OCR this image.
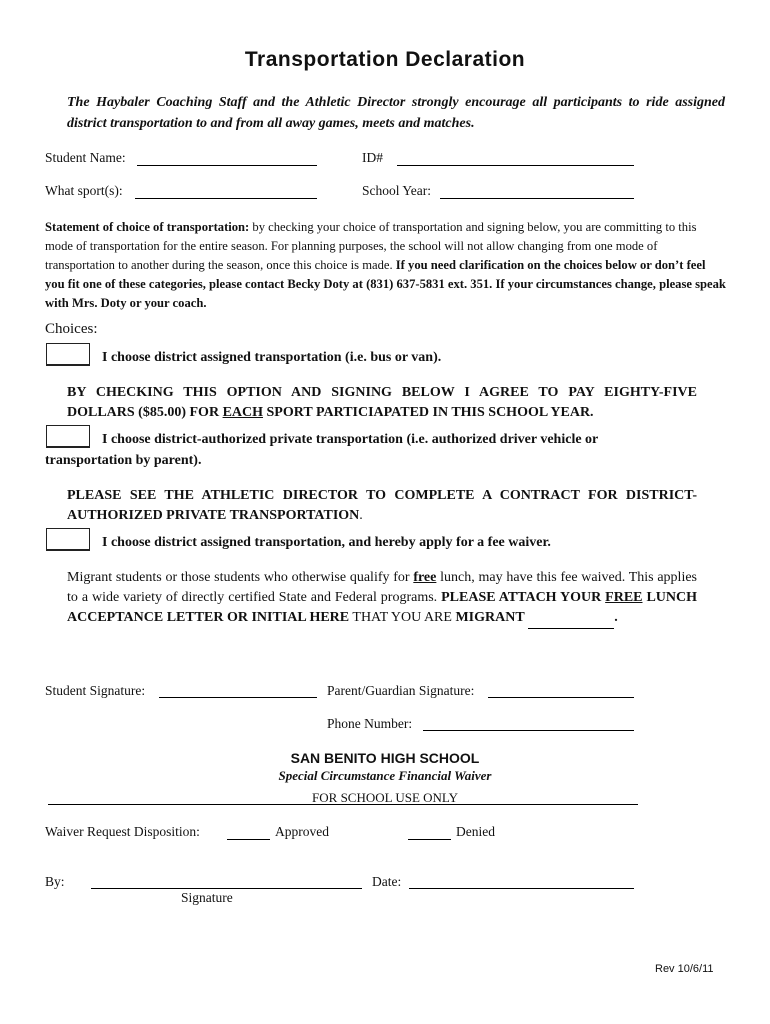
Transportation Declaration
The Haybaler Coaching Staff and the Athletic Director strongly encourage all participants to ride assigned district transportation to and from all away games, meets and matches.
Student Name:	ID#
What sport(s):	School Year:
Statement of choice of transportation: by checking your choice of transportation and signing below, you are committing to this mode of transportation for the entire season. For planning purposes, the school will not allow changing from one mode of transportation to another during the season, once this choice is made. If you need clarification on the choices below or don’t feel you fit one of these categories, please contact Becky Doty at (831) 637-5831 ext. 351. If your circumstances change, please speak with Mrs. Doty or your coach.
Choices:
I choose district assigned transportation (i.e. bus or van).
BY CHECKING THIS OPTION AND SIGNING BELOW I AGREE TO PAY EIGHTY-FIVE DOLLARS ($85.00) FOR EACH SPORT PARTICIAPATED IN THIS SCHOOL YEAR.
I choose district-authorized private transportation (i.e. authorized driver vehicle or
transportation by parent).
PLEASE SEE THE ATHLETIC DIRECTOR TO COMPLETE A CONTRACT FOR DISTRICT-AUTHORIZED PRIVATE TRANSPORTATION.
I choose district assigned transportation, and hereby apply for a fee waiver.
Migrant students or those students who otherwise qualify for free lunch, may have this fee waived. This applies to a wide variety of directly certified State and Federal programs. PLEASE ATTACH YOUR FREE LUNCH ACCEPTANCE LETTER OR INITIAL HERE THAT YOU ARE MIGRANT	.
Student Signature:	Parent/Guardian Signature:
Phone Number:
SAN BENITO HIGH SCHOOL
Special Circumstance Financial Waiver
FOR SCHOOL USE ONLY
Waiver Request Disposition:	Approved	Denied
By:	Date:
Signature
Rev 10/6/11
